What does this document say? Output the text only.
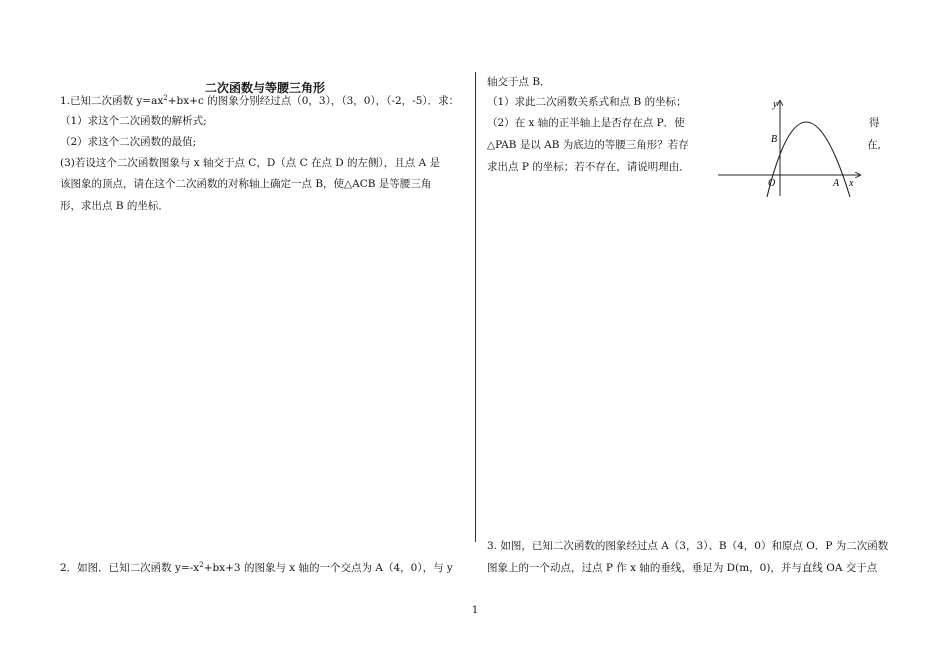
二次函数与等腰三角形
1.已知二次函数 $y=ax^2+bx+c$ 的图象分别经过点（0，3），（3，0），（-2，-5）．求：
（1）求这个二次函数的解析式;
（2）求这个二次函数的最值;
(3)若设这个二次函数图象与 x 轴交于点 C，D（点 C 在点 D 的左侧），且点 A 是
该图象的顶点，请在这个二次函数的对称轴上确定一点 B，使△ACB 是等腰三角
形，求出点 B 的坐标．
2．如图．已知二次函数 $y=-x^2+bx+3$ 的图象与 x 轴的一个交点为 A（4，0），与 y
轴交于点 B．
（1）求此二次函数关系式和点 B 的坐标；
（2）在 x 轴的正半轴上是否存在点 P．使	得
△PAB 是以 AB 为底边的等腰三角形？若存	在,
求出点 P 的坐标；若不存在，请说明理由．
3. 如图，已知二次函数的图象经过点 A（3，3）、B（4，0）和原点 O．P 为二次函数
图象上的一个动点，过点 P 作 x 轴的垂线，垂足为 D(m，0)，并与直线 OA 交于点
y
x
O	A
B
1
